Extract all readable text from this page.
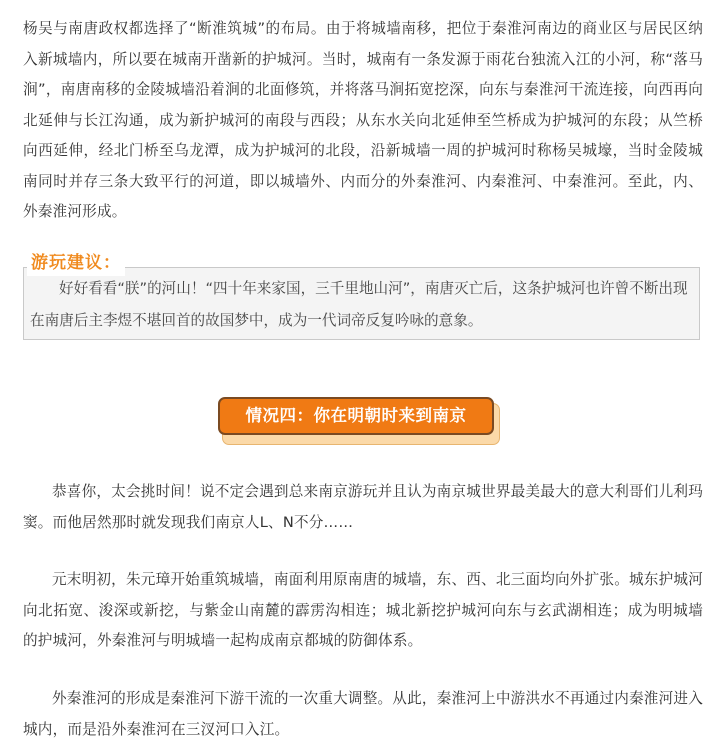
杨吴与南唐政权都选择了“断淮筑城”的布局。由于将城墙南移，把位于秦淮河南边的商业区与居民区纳入新城墙内，所以要在城南开凿新的护城河。当时，城南有一条发源于雨花台独流入江的小河，称“落马涧”，南唐南移的金陵城墙沿着涧的北面修筑，并将落马涧拓宽挖深，向东与秦淮河干流连接，向西再向北延伸与长江沟通，成为新护城河的南段与西段；从东水关向北延伸至竺桥成为护城河的东段；从竺桥向西延伸，经北门桥至乌龙潭，成为护城河的北段，沿新城墙一周的护城河时称杨吴城壕，当时金陵城南同时并存三条大致平行的河道，即以城墙外、内而分的外秦淮河、内秦淮河、中秦淮河。至此，内、外秦淮河形成。

游玩建议：

好好看看“朕”的河山！“四十年来家国，三千里地山河”，南唐灭亡后，这条护城河也许曾不断出现在南唐后主李煜不堪回首的故国梦中，成为一代词帝反复吟咏的意象。

情况四：你在明朝时来到南京

恭喜你，太会挑时间！说不定会遇到总来南京游玩并且认为南京城世界最美最大的意大利哥们儿利玛窦。而他居然那时就发现我们南京人L、N不分……

元末明初，朱元璋开始重筑城墙，南面利用原南唐的城墙，东、西、北三面均向外扩张。城东护城河向北拓宽、浚深或新挖，与紫金山南麓的霹雳沟相连；城北新挖护城河向东与玄武湖相连；成为明城墙的护城河，外秦淮河与明城墙一起构成南京都城的防御体系。

外秦淮河的形成是秦淮河下游干流的一次重大调整。从此，秦淮河上中游洪水不再通过内秦淮河进入城内，而是沿外秦淮河在三汊河口入江。
